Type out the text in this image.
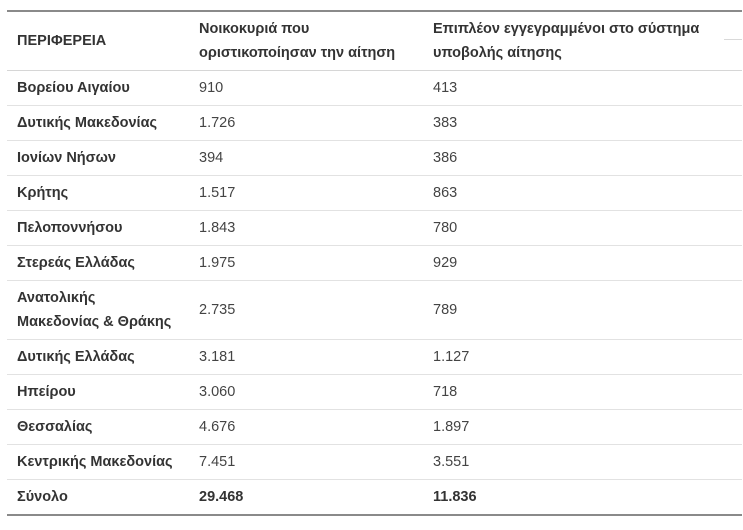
ΠΕΡΙΦΕΡΕΙΑ	Νοικοκυριά που οριστικοποίησαν την αίτηση	Επιπλέον εγγεγραμμένοι στο σύστημα υποβολής αίτησης
Βορείου Αιγαίου	910	413
Δυτικής Μακεδονίας	1.726	383
Ιονίων Νήσων	394	386
Κρήτης	1.517	863
Πελοποννήσου	1.843	780
Στερεάς Ελλάδας	1.975	929
Ανατολικής Μακεδονίας & Θράκης	2.735	789
Δυτικής Ελλάδας	3.181	1.127
Ηπείρου	3.060	718
Θεσσαλίας	4.676	1.897
Κεντρικής Μακεδονίας	7.451	3.551
Σύνολο	29.468	11.836
